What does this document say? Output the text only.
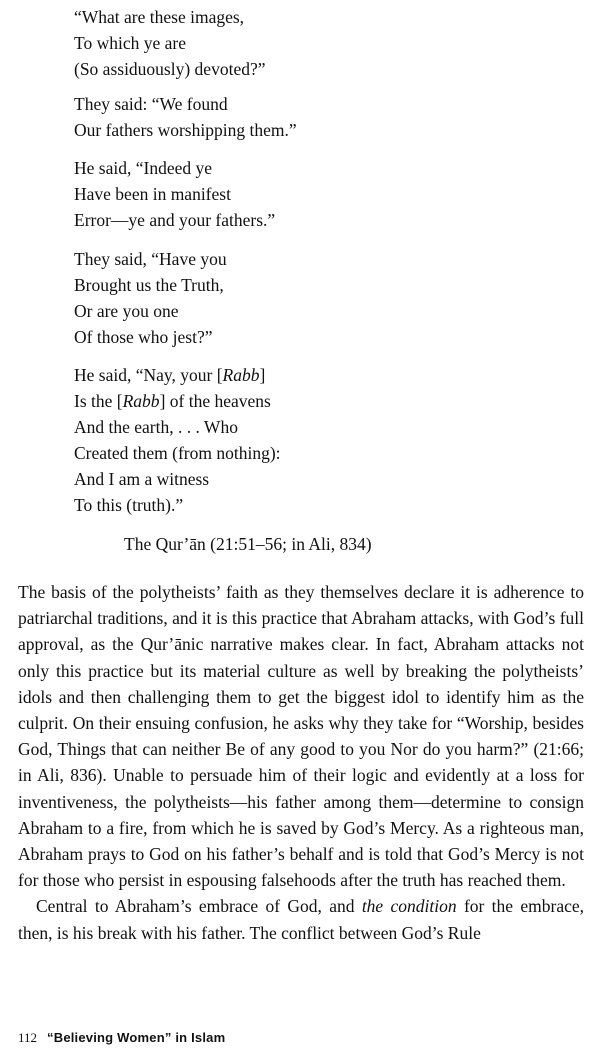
“What are these images,
To which ye are
(So assiduously) devoted?”
They said: “We found
Our fathers worshipping them.”
He said, “Indeed ye
Have been in manifest
Error—ye and your fathers.”
They said, “Have you
Brought us the Truth,
Or are you one
Of those who jest?”
He said, “Nay, your [Rabb]
Is the [Rabb] of the heavens
And the earth, . . . Who
Created them (from nothing):
And I am a witness
To this (truth).”
The Qur’ān (21:51–56; in Ali, 834)

The basis of the polytheists’ faith as they themselves declare it is adherence to patriarchal traditions, and it is this practice that Abraham attacks, with God’s full approval, as the Qur’ānic narrative makes clear. In fact, Abraham attacks not only this practice but its material culture as well by breaking the polytheists’ idols and then challenging them to get the biggest idol to identify him as the culprit. On their ensuing confusion, he asks why they take for “Worship, besides God, Things that can neither Be of any good to you Nor do you harm?” (21:66; in Ali, 836). Unable to persuade him of their logic and evidently at a loss for inventiveness, the polytheists—his father among them—determine to consign Abraham to a fire, from which he is saved by God’s Mercy. As a righteous man, Abraham prays to God on his father’s behalf and is told that God’s Mercy is not for those who persist in espousing falsehoods after the truth has reached them.

Central to Abraham’s embrace of God, and the condition for the embrace, then, is his break with his father. The conflict between God’s Rule

112 “Believing Women” in Islam
